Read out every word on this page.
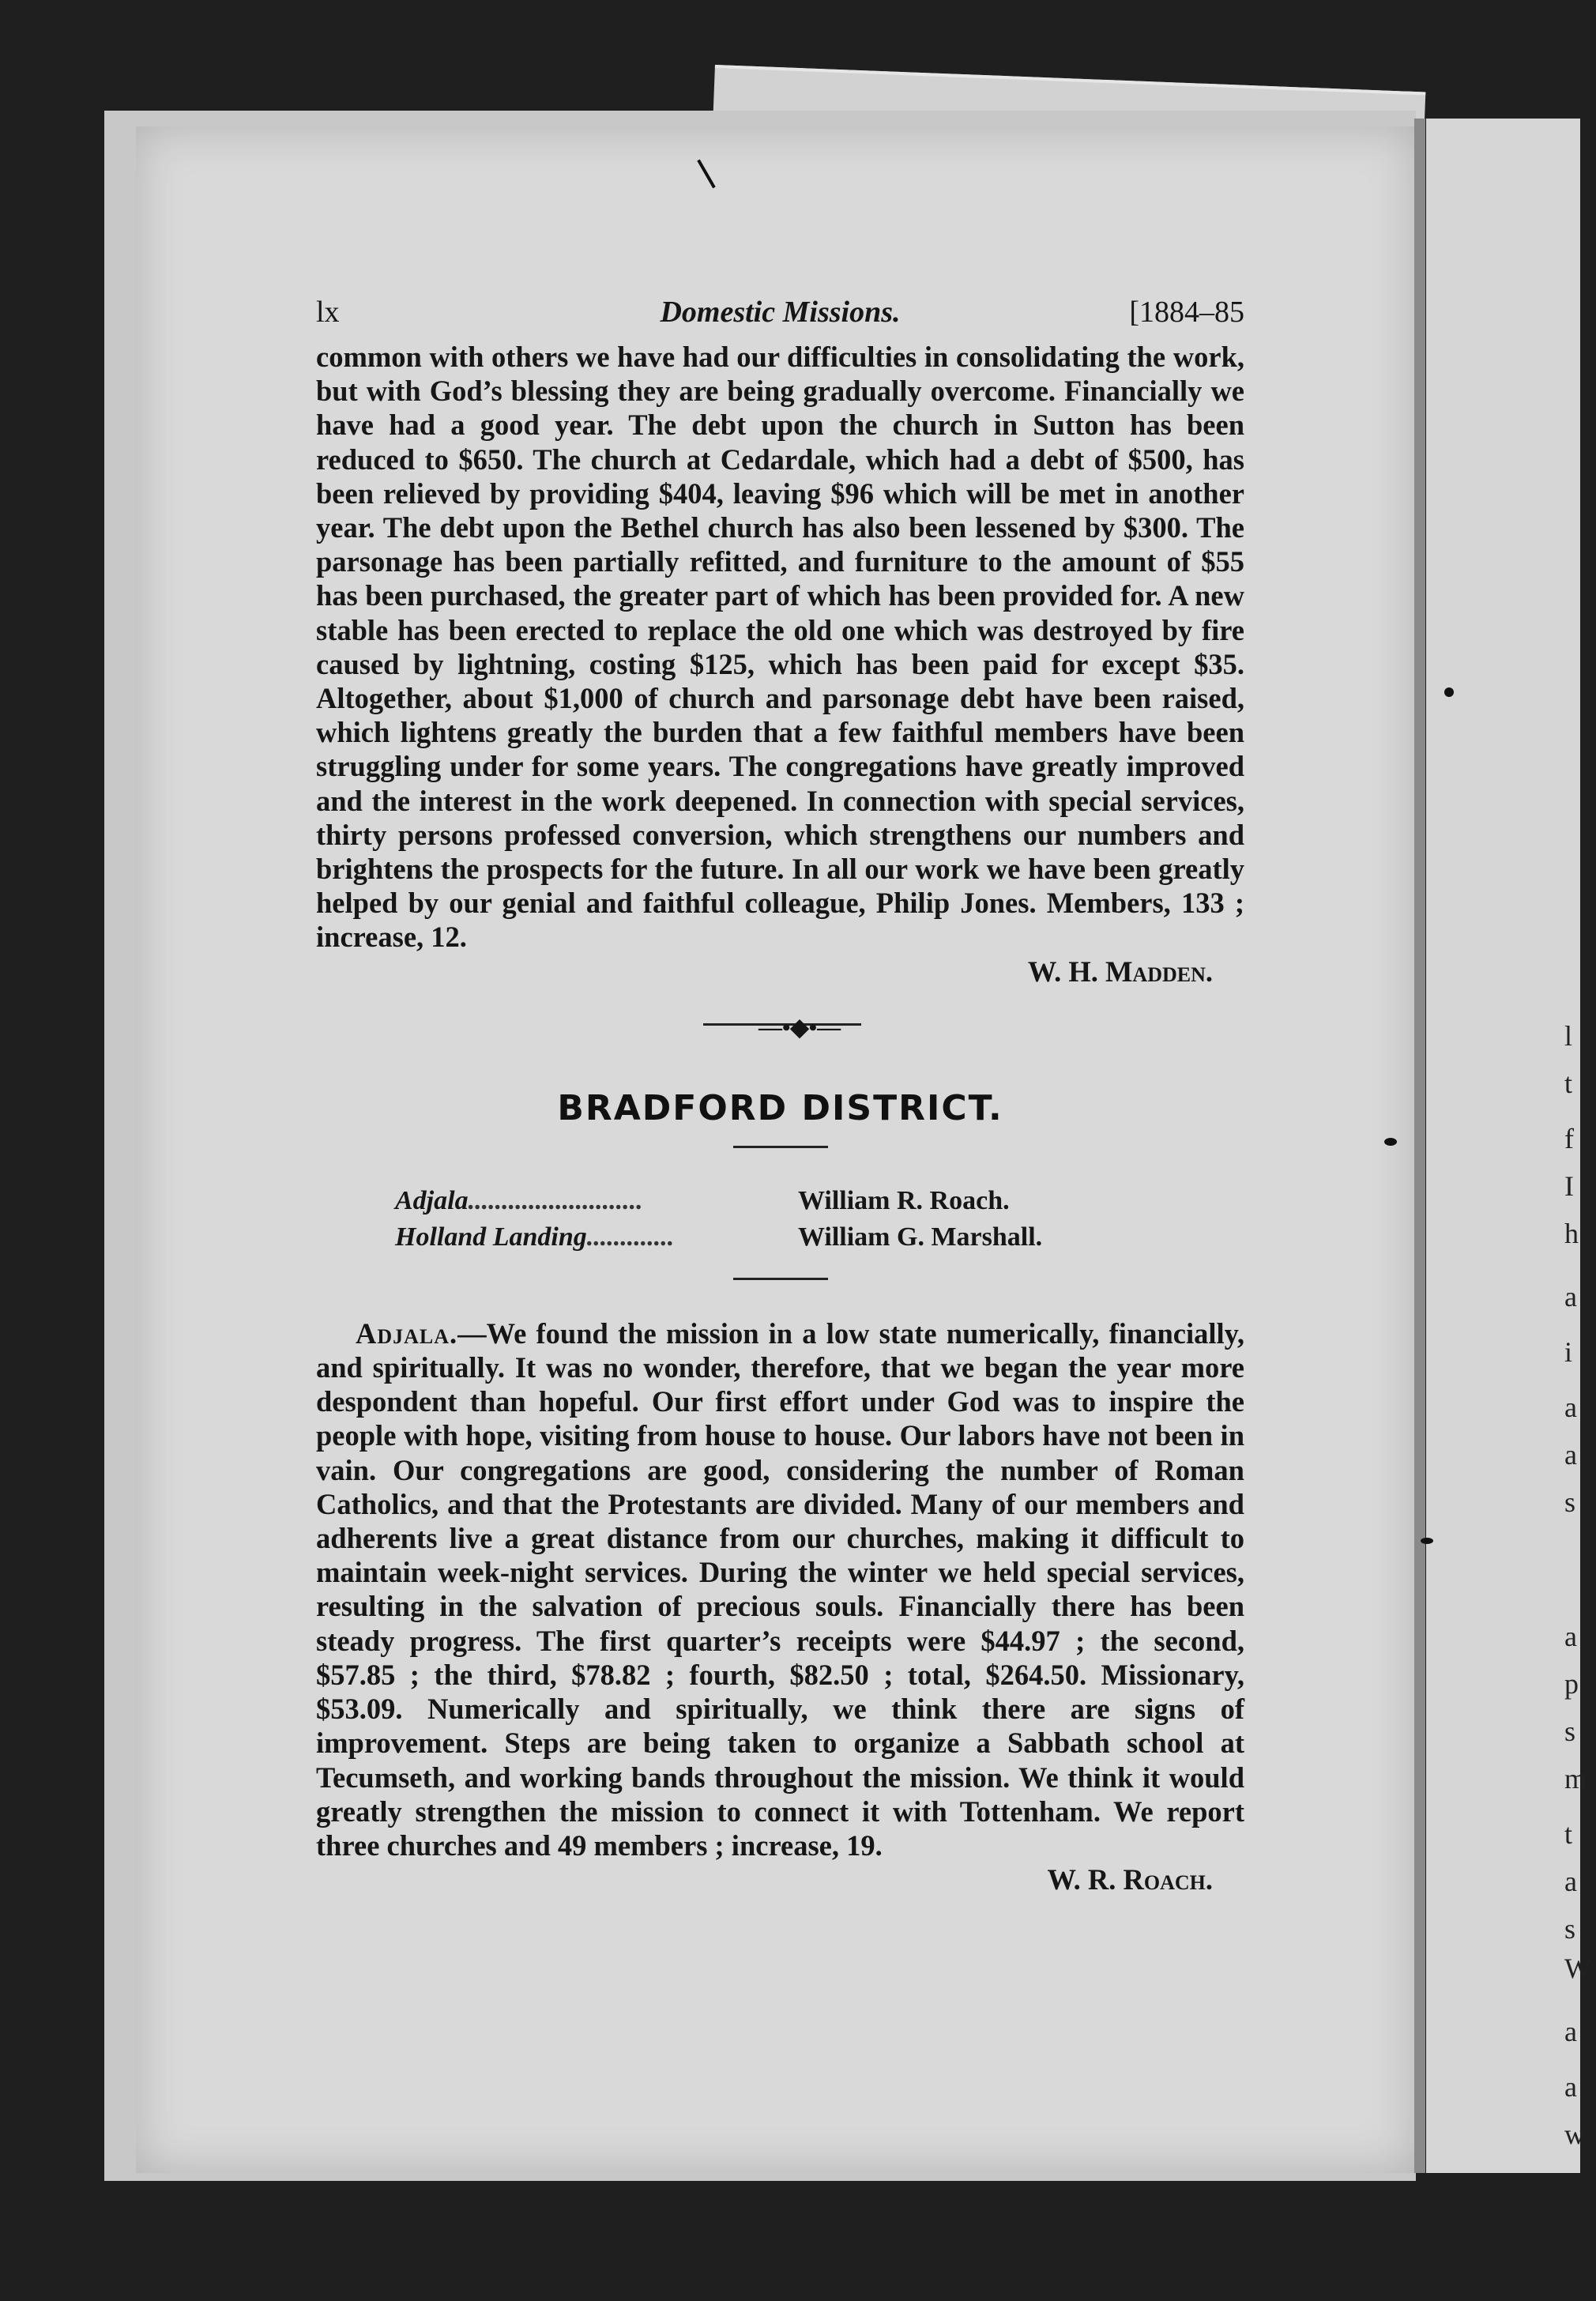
l
t
f
I
h
a
i
a
a
s
a
p
s
m
t
a
s
W
a
a
w
lx	Domestic Missions.	[1884–85

common with others we have had our difficulties in consolidating the work, but with God’s blessing they are being gradually overcome. Financially we have had a good year. The debt upon the church in Sutton has been reduced to $650. The church at Cedardale, which had a debt of $500, has been relieved by providing $404, leaving $96 which will be met in another year. The debt upon the Bethel church has also been lessened by $300. The parsonage has been partially refitted, and furniture to the amount of $55 has been purchased, the greater part of which has been provided for. A new stable has been erected to replace the old one which was destroyed by fire caused by lightning, costing $125, which has been paid for except $35. Altogether, about $1,000 of church and parsonage debt have been raised, which lightens greatly the burden that a few faithful members have been struggling under for some years. The congregations have greatly improved and the interest in the work deepened. In connection with special services, thirty persons professed conversion, which strengthens our numbers and brightens the prospects for the future. In all our work we have been greatly helped by our genial and faithful colleague, Philip Jones. Members, 133 ; increase, 12.

W. H. Madden.

—•◆•—
BRADFORD DISTRICT.
Adjala..........................	William R. Roach.
Holland Landing.............	William G. Marshall.

Adjala.—We found the mission in a low state numerically, financially, and spiritually. It was no wonder, therefore, that we began the year more despondent than hopeful. Our first effort under God was to inspire the people with hope, visiting from house to house. Our labors have not been in vain. Our congregations are good, considering the number of Roman Catholics, and that the Protestants are divided. Many of our members and adherents live a great distance from our churches, making it difficult to maintain week-night services. During the winter we held special services, resulting in the salvation of precious souls. Financially there has been steady progress. The first quarter’s receipts were $44.97 ; the second, $57.85 ; the third, $78.82 ; fourth, $82.50 ; total, $264.50. Missionary, $53.09. Numerically and spiritually, we think there are signs of improvement. Steps are being taken to organize a Sabbath school at Tecumseth, and working bands throughout the mission. We think it would greatly strengthen the mission to connect it with Tottenham. We report three churches and 49 members ; increase, 19.

W. R. Roach.
